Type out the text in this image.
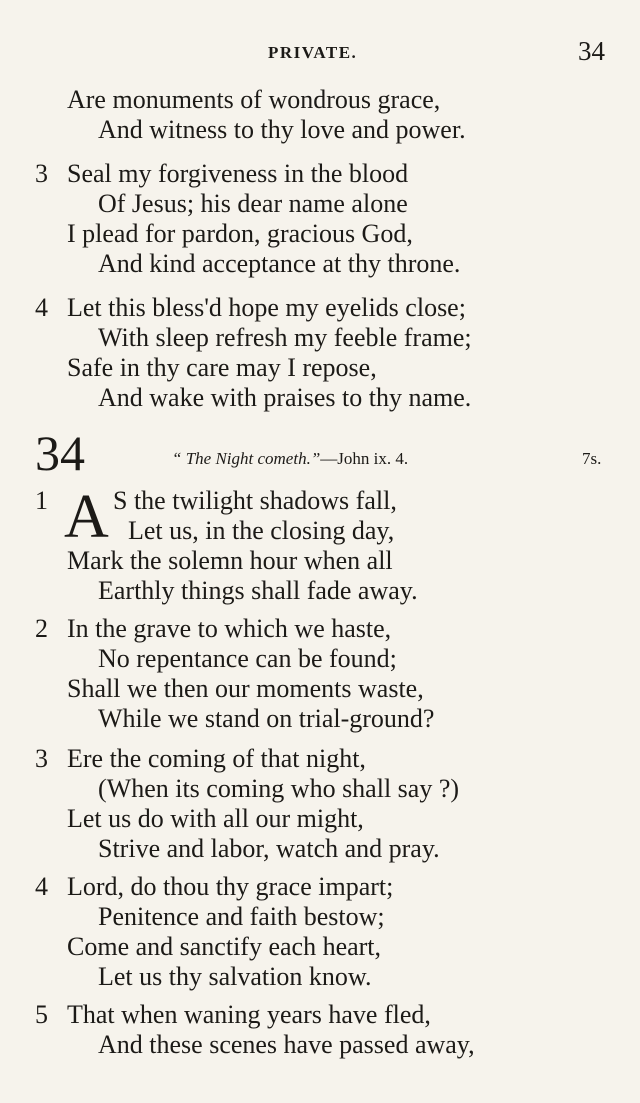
PRIVATE.	34
Are monuments of wondrous grace,
And witness to thy love and power.
3 Seal my forgiveness in the blood
Of Jesus; his dear name alone
I plead for pardon, gracious God,
And kind acceptance at thy throne.
4 Let this bless'd hope my eyelids close;
With sleep refresh my feeble frame;
Safe in thy care may I repose,
And wake with praises to thy name.
34	“ The Night cometh.”—John ix. 4.	7s.
A
1	S the twilight shadows fall,
Let us, in the closing day,
Mark the solemn hour when all
Earthly things shall fade away.
2 In the grave to which we haste,
No repentance can be found;
Shall we then our moments waste,
While we stand on trial-ground?
3 Ere the coming of that night,
(When its coming who shall say ?)
Let us do with all our might,
Strive and labor, watch and pray.
4 Lord, do thou thy grace impart;
Penitence and faith bestow;
Come and sanctify each heart,
Let us thy salvation know.
5 That when waning years have fled,
And these scenes have passed away,
